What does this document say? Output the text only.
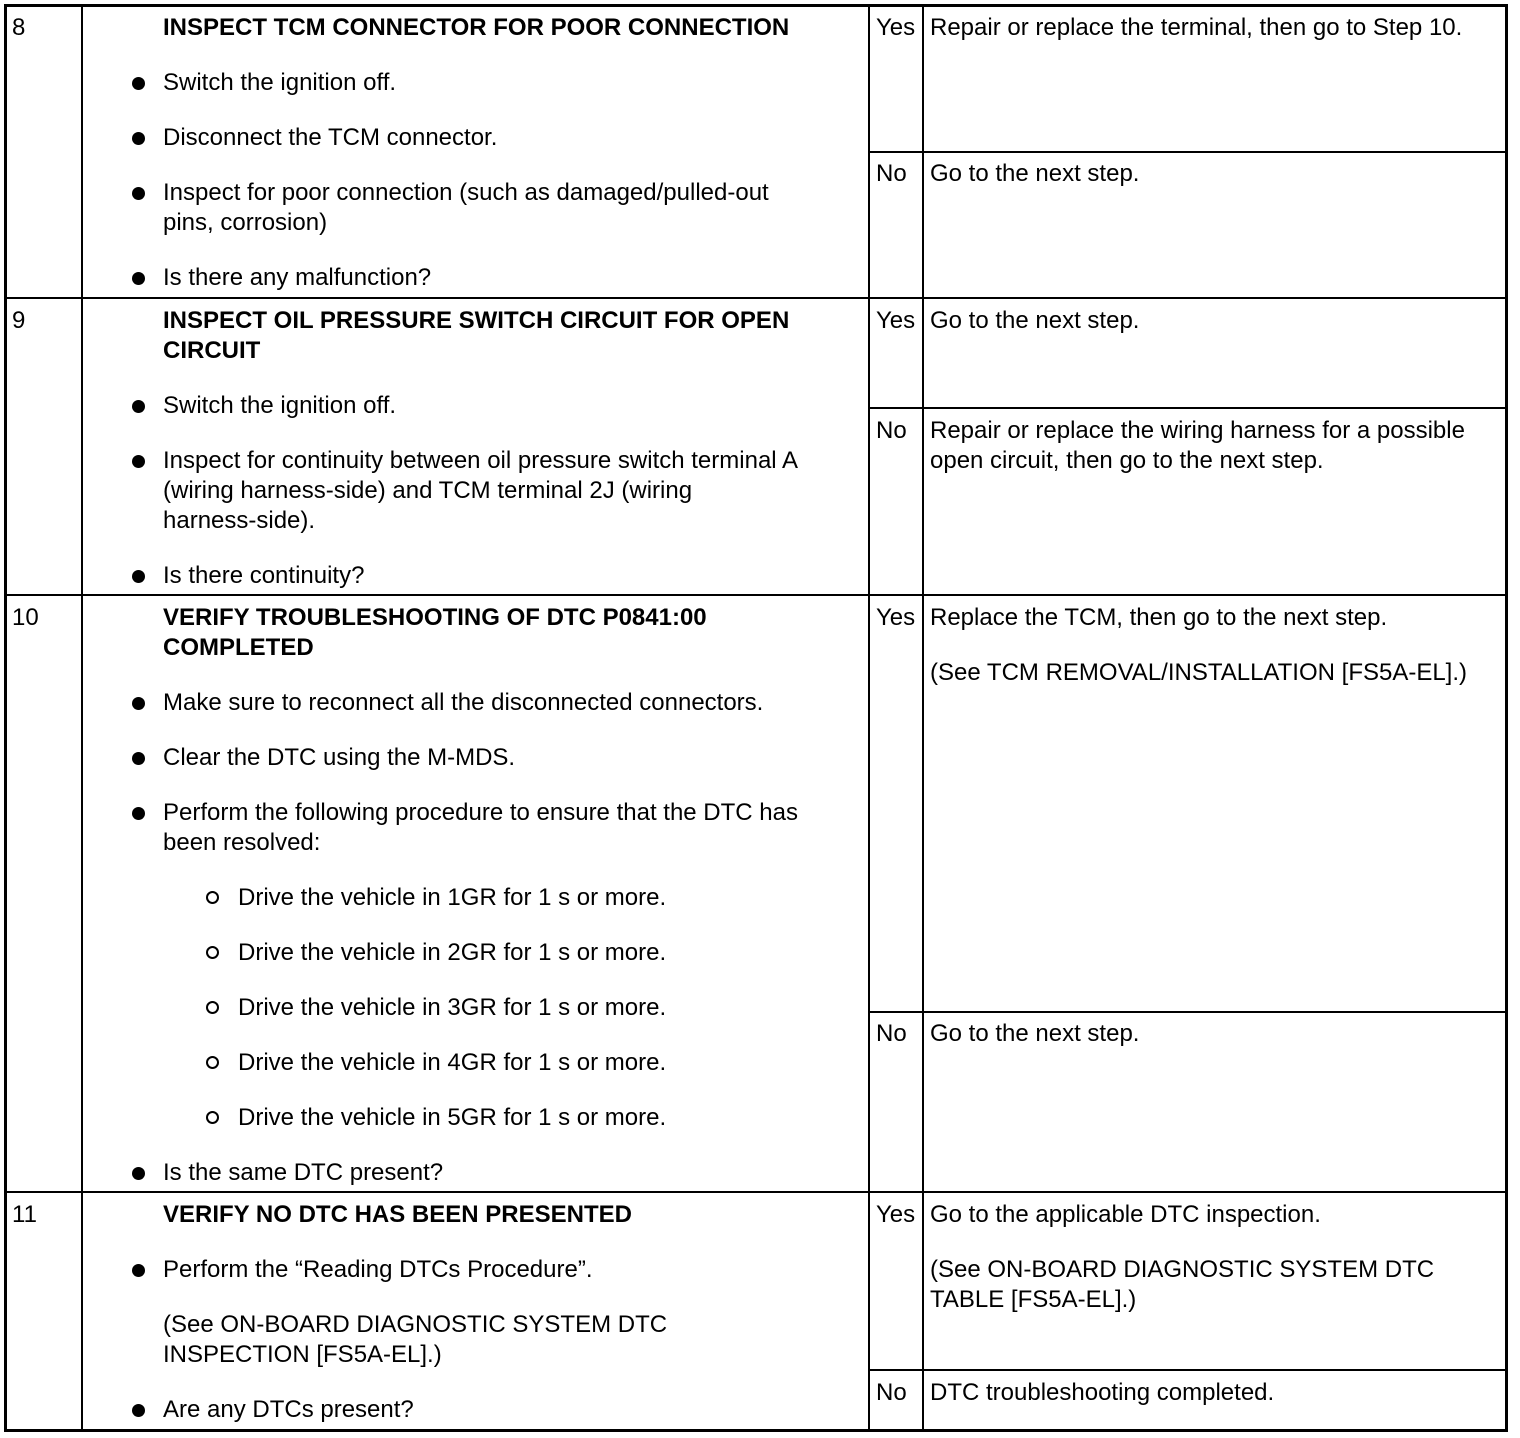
8	INSPECT TCM CONNECTOR FOR POOR CONNECTION
Switch the ignition off.
Disconnect the TCM connector.
Inspect for poor connection (such as damaged/pulled-out
pins, corrosion)
Is there any malfunction?
Yes Repair or replace the terminal, then go to Step 10.
No Go to the next step.
9	INSPECT OIL PRESSURE SWITCH CIRCUIT FOR OPEN
CIRCUIT
Switch the ignition off.
Inspect for continuity between oil pressure switch terminal A
(wiring harness-side) and TCM terminal 2J (wiring
harness-side).
Is there continuity?
Yes Go to the next step.
No Repair or replace the wiring harness for a possible
open circuit, then go to the next step.
10	VERIFY TROUBLESHOOTING OF DTC P0841:00
COMPLETED
Make sure to reconnect all the disconnected connectors.
Clear the DTC using the M-MDS.
Perform the following procedure to ensure that the DTC has
been resolved:
Drive the vehicle in 1GR for 1 s or more.
Drive the vehicle in 2GR for 1 s or more.
Drive the vehicle in 3GR for 1 s or more.
Drive the vehicle in 4GR for 1 s or more.
Drive the vehicle in 5GR for 1 s or more.
Is the same DTC present?
Yes Replace the TCM, then go to the next step.
(See TCM REMOVAL/INSTALLATION [FS5A-EL].)
No Go to the next step.
11	VERIFY NO DTC HAS BEEN PRESENTED
Perform the “Reading DTCs Procedure”.
(See ON-BOARD DIAGNOSTIC SYSTEM DTC
INSPECTION [FS5A-EL].)
Are any DTCs present?
Yes Go to the applicable DTC inspection.
(See ON-BOARD DIAGNOSTIC SYSTEM DTC
TABLE [FS5A-EL].)
No DTC troubleshooting completed.
